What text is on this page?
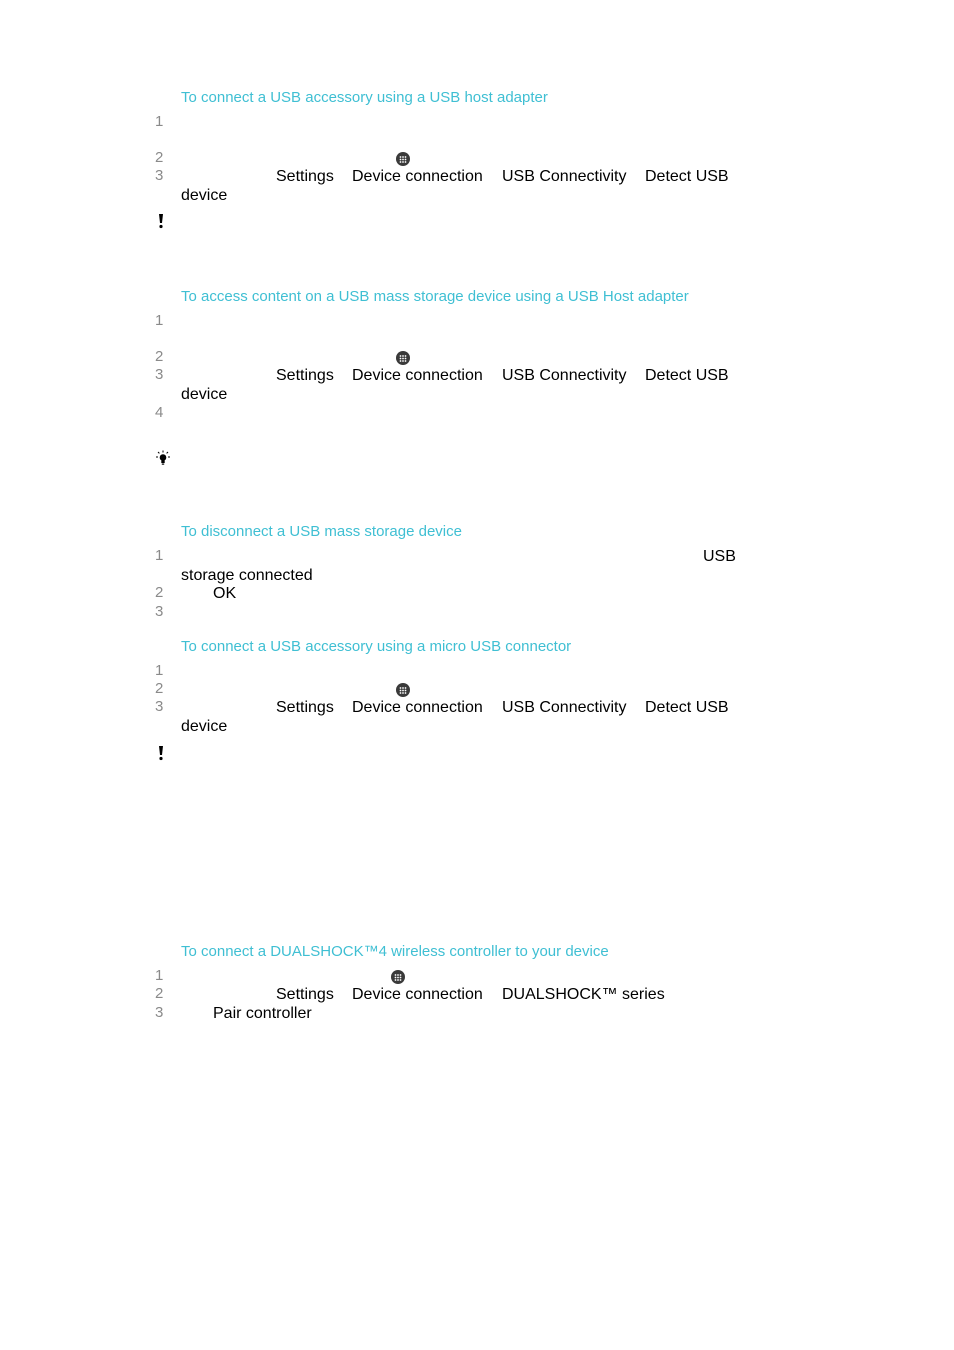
To connect a USB accessory using a USB host adapter
1
2
3	Settings Device connection USB Connectivity Detect USB
device
To access content on a USB mass storage device using a USB Host adapter
1
2
3	Settings Device connection USB Connectivity Detect USB
device
4
To disconnect a USB mass storage device
1	USB
storage connected
2	OK
3
To connect a USB accessory using a micro USB connector
1
2
3	Settings Device connection USB Connectivity Detect USB
device
To connect a DUALSHOCK™4 wireless controller to your device
1
2	Settings Device connection DUALSHOCK™ series
3	Pair controller
